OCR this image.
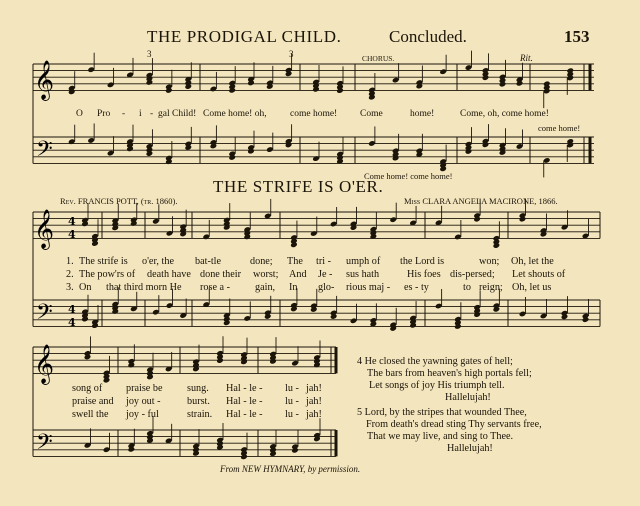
𝄞
𝄢
𝄞
𝄢
4
4
4
4
𝄞
𝄢
THE PRODIGAL CHILD.	Concluded.	153
CHORUS.	Rit.
3	3
O Pro - i - gal Child! Come home! oh, come home! Come	home!	Come, oh, come home!
Come home! come home!
come home!
THE STRIFE IS O'ER.
Rev. FRANCIS POTT, (tr. 1860).	Miss CLARA ANGELA MACIRONE, 1866.
1. The strife is o'er, the bat-tle	done; The tri - umph of the Lord is	won; Oh, let the
2. The pow'rs of death have done their worst; And Je - sus hath	His foes dis-persed; Let shouts of
3. On that third morn He rose a - gain, In glo- rious maj - es - ty	to reign; Oh, let us
song of praise be sung. Hal - le - lu - jah!
praise and joy out -	burst. Hal - le - lu - jah!
swell the joy - ful	strain. Hal - le - lu - jah!
4 He closed the yawning gates of hell;
The bars from heaven's high portals fell;
Let songs of joy His triumph tell.
Hallelujah!
5 Lord, by the stripes that wounded Thee,
From death's dread sting Thy servants free,
That we may live, and sing to Thee.
Hallelujah!
From NEW HYMNARY, by permission.
